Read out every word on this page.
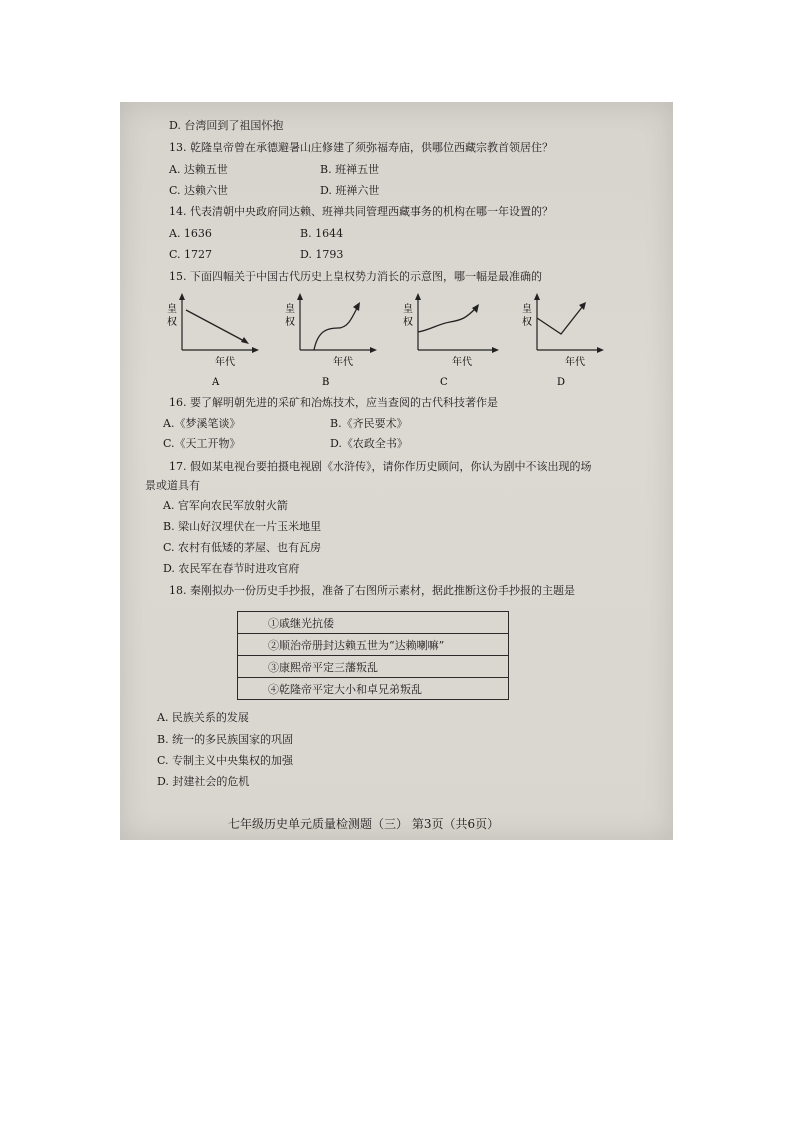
D. 台湾回到了祖国怀抱
13. 乾隆皇帝曾在承德避暑山庄修建了须弥福寿庙，供哪位西藏宗教首领居住？
A. 达赖五世	B. 班禅五世
C. 达赖六世	D. 班禅六世
14. 代表清朝中央政府同达赖、班禅共同管理西藏事务的机构在哪一年设置的？
A. 1636	B. 1644
C. 1727	D. 1793
15. 下面四幅关于中国古代历史上皇权势力消长的示意图，哪一幅是最准确的
皇
权
年代
A
皇
权
年代
B
皇
权
年代
C
皇
权
年代
D
16. 要了解明朝先进的采矿和冶炼技术，应当查阅的古代科技著作是
A.《梦溪笔谈》	B.《齐民要术》
C.《天工开物》	D.《农政全书》
17. 假如某电视台要拍摄电视剧《水浒传》，请你作历史顾问，你认为剧中不该出现的场
景或道具有
A. 官军向农民军放射火箭
B. 梁山好汉埋伏在一片玉米地里
C. 农村有低矮的茅屋、也有瓦房
D. 农民军在春节时进攻官府
18. 秦刚拟办一份历史手抄报，准备了右图所示素材，据此推断这份手抄报的主题是
①戚继光抗倭
②顺治帝册封达赖五世为“达赖喇嘛”
③康熙帝平定三藩叛乱
④乾隆帝平定大小和卓兄弟叛乱
A. 民族关系的发展
B. 统一的多民族国家的巩固
C. 专制主义中央集权的加强
D. 封建社会的危机
七年级历史单元质量检测题（三） 第3页（共6页）
